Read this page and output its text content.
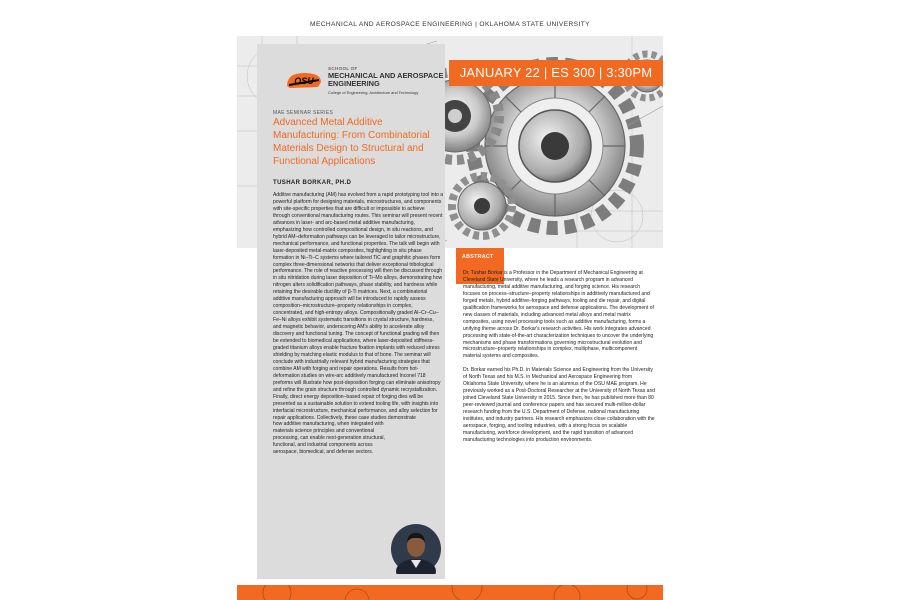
MECHANICAL AND AEROSPACE ENGINEERING | OKLAHOMA STATE UNIVERSITY
JANUARY 22 | ES 300 | 3:30PM
ABSTRACT

Dr. Tushar Borkar is a Professor in the Department of Mechanical Engineering at Cleveland State University, where he leads a research program in advanced manufacturing, metal additive manufacturing, and forging science. His research focuses on process–structure–property relationships in additively manufactured and forged metals, hybrid additive–forging pathways, tooling and die repair, and digital qualification frameworks for aerospace and defense applications. The development of new classes of materials, including advanced metal alloys and metal matrix composites, using novel processing tools such as additive manufacturing, forms a unifying theme across Dr. Borkar's research activities. His work integrates advanced processing with state-of-the-art characterization techniques to uncover the underlying mechanisms and phase transformations governing microstructural evolution and microstructure–property relationships in complex, multiphase, multicomponent material systems and composites.

Dr. Borkar earned his Ph.D. in Materials Science and Engineering from the University of North Texas and his M.S. in Mechanical and Aerospace Engineering from Oklahoma State University, where he is an alumnus of the OSU MAE program. He previously worked as a Post-Doctoral Researcher at the University of North Texas and joined Cleveland State University in 2015. Since then, he has published more than 80 peer-reviewed journal and conference papers and has secured multi-million-dollar research funding from the U.S. Department of Defense, national manufacturing institutes, and industry partners. His research emphasizes close collaboration with the aerospace, forging, and tooling industries, with a strong focus on scalable manufacturing, workforce development, and the rapid transition of advanced manufacturing technologies into production environments.

OSU
SCHOOL OF
MECHANICAL AND AEROSPACE ENGINEERING
College of Engineering, Architecture and Technology
MAE SEMINAR SERIES
Advanced Metal Additive Manufacturing: From Combinatorial Materials Design to Structural and Functional Applications
TUSHAR BORKAR, PH.D

Additive manufacturing (AM) has evolved from a rapid prototyping tool into a powerful platform for designing materials, microstructures, and components with site-specific properties that are difficult or impossible to achieve through conventional manufacturing routes. This seminar will present recent advances in laser- and arc-based metal additive manufacturing, emphasizing how controlled compositional design, in situ reactions, and hybrid AM–deformation pathways can be leveraged to tailor microstructure, mechanical performance, and functional properties. The talk will begin with laser-deposited metal-matrix composites, highlighting in situ phase formation in Ni–Ti–C systems where tailored TiC and graphitic phases form complex three-dimensional networks that deliver exceptional tribological performance. The role of reactive processing will then be discussed through in situ nitridation during laser deposition of Ti–Mo alloys, demonstrating how nitrogen alters solidification pathways, phase stability, and hardness while retaining the desirable ductility of β-Ti matrices. Next, a combinatorial additive manufacturing approach will be introduced to rapidly assess composition–microstructure–property relationships in complex, concentrated, and high-entropy alloys. Compositionally graded Al–Cr–Cu–Fe–Ni alloys exhibit systematic transitions in crystal structure, hardness, and magnetic behavior, underscoring AM's ability to accelerate alloy discovery and functional tuning. The concept of functional grading will then be extended to biomedical applications, where laser-deposited stiffness-graded titanium alloys enable fracture fixation implants with reduced stress shielding by matching elastic modulus to that of bone. The seminar will conclude with industrially relevant hybrid manufacturing strategies that combine AM with forging and repair operations. Results from hot-deformation studies on wire-arc additively manufactured Inconel 718 preforms will illustrate how post-deposition forging can eliminate anisotropy and refine the grain structure through controlled dynamic recrystallization. Finally, direct energy deposition–based repair of forging dies will be presented as a sustainable solution to extend tooling life, with insights into interfacial microstructure, mechanical performance, and alloy selection for repair applications. Collectively, these case studies demonstrate

how additive manufacturing, when integrated with materials science principles and conventional processing, can enable next-generation structural, functional, and industrial components across aerospace, biomedical, and defense sectors.
